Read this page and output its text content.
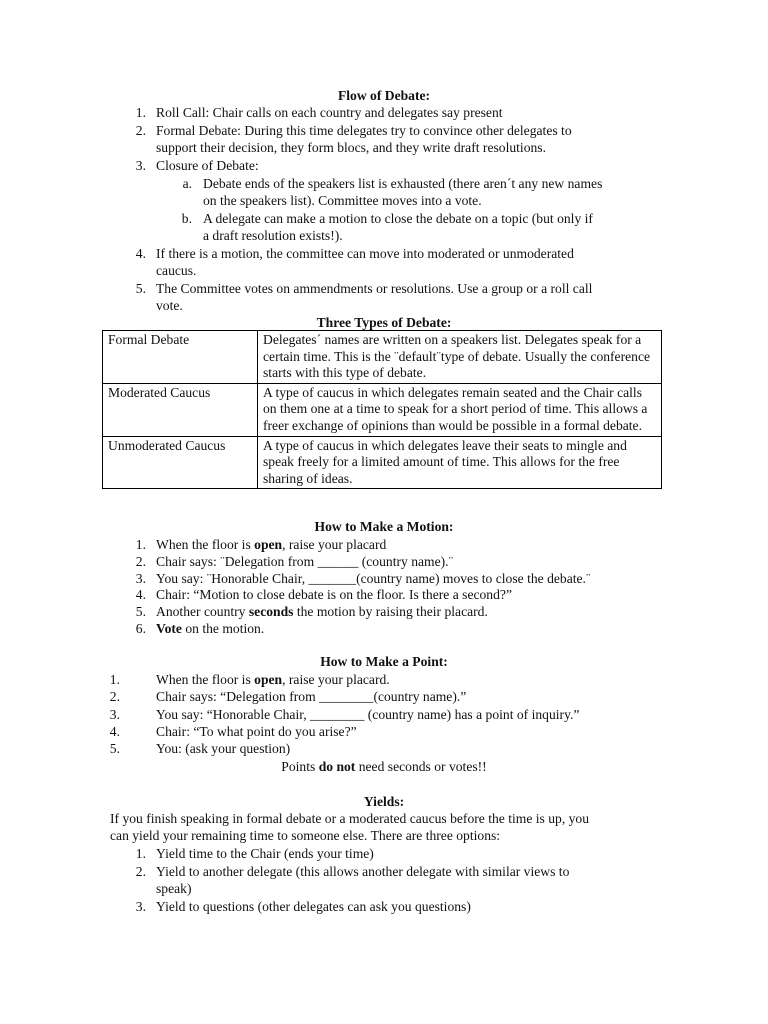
Flow of Debate:
1. Roll Call: Chair calls on each country and delegates say present
2. Formal Debate: During this time delegates try to convince other delegates to
support their decision, they form blocs, and they write draft resolutions.
3. Closure of Debate:
a. Debate ends of the speakers list is exhausted (there aren´t any new names
on the speakers list). Committee moves into a vote.
b. A delegate can make a motion to close the debate on a topic (but only if
a draft resolution exists!).
4. If there is a motion, the committee can move into moderated or unmoderated
caucus.
5. The Committee votes on ammendments or resolutions. Use a group or a roll call
vote.
Three Types of Debate:
Formal Debate	Delegates´ names are written on a speakers list. Delegates speak for a certain time. This is the ¨default¨type of debate. Usually the conference starts with this type of debate.
Moderated Caucus	A type of caucus in which delegates remain seated and the Chair calls on them one at a time to speak for a short period of time. This allows a freer exchange of opinions than would be possible in a formal debate.
Unmoderated Caucus	A type of caucus in which delegates leave their seats to mingle and speak freely for a limited amount of time. This allows for the free sharing of ideas.
How to Make a Motion:
1. When the floor is open, raise your placard
2. Chair says: ¨Delegation from ______ (country name).¨
3. You say: ¨Honorable Chair, _______(country name) moves to close the debate.¨
4. Chair: “Motion to close debate is on the floor. Is there a second?”
5. Another country seconds the motion by raising their placard.
6. Vote on the motion.
How to Make a Point:
1.	When the floor is open, raise your placard.
2.	Chair says: “Delegation from ________(country name).”
3.	You say: “Honorable Chair, ________ (country name) has a point of inquiry.”
4.	Chair: “To what point do you arise?”
5.	You: (ask your question)
Points do not need seconds or votes!!
Yields:
If you finish speaking in formal debate or a moderated caucus before the time is up, you
can yield your remaining time to someone else. There are three options:
1. Yield time to the Chair (ends your time)
2. Yield to another delegate (this allows another delegate with similar views to
speak)
3. Yield to questions (other delegates can ask you questions)
